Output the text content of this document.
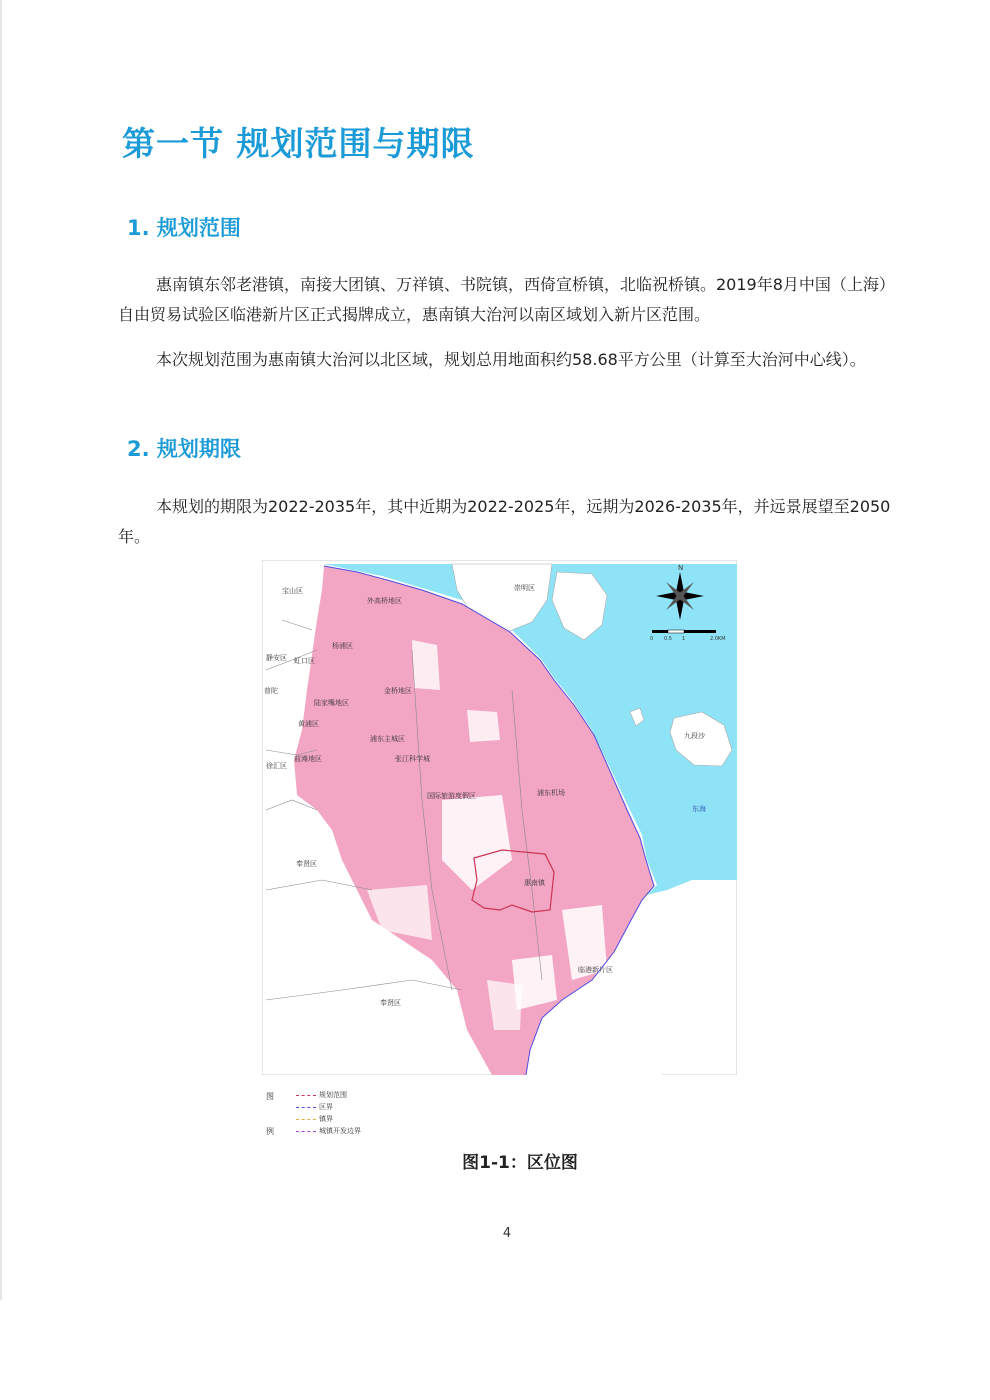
第一节 规划范围与期限
1. 规划范围
惠南镇东邻老港镇，南接大团镇、万祥镇、书院镇，西倚宣桥镇，北临祝桥镇。2019年8月中国（上海）自由贸易试验区临港新片区正式揭牌成立，惠南镇大治河以南区域划入新片区范围。
本次规划范围为惠南镇大治河以北区域，规划总用地面积约58.68平方公里（计算至大治河中心线）。
2. 规划期限
本规划的期限为2022-2035年，其中近期为2022-2025年，远期为2026-2035年，并远景展望至2050年。
宝山区	崇明区
外高桥地区
杨浦区
静安区 虹口区
普陀	金桥地区
陆家嘴地区
黄浦区
浦东主城区
前滩地区	张江科学城
徐汇区
国际旅游度假区	浦东机场
九段沙
东海
奉贤区
惠南镇
临港新片区
奉贤区
N
0 0.5 1	2.0KM
图
例
规划范围
区界
镇界
城镇开发边界
图1-1：区位图
4
